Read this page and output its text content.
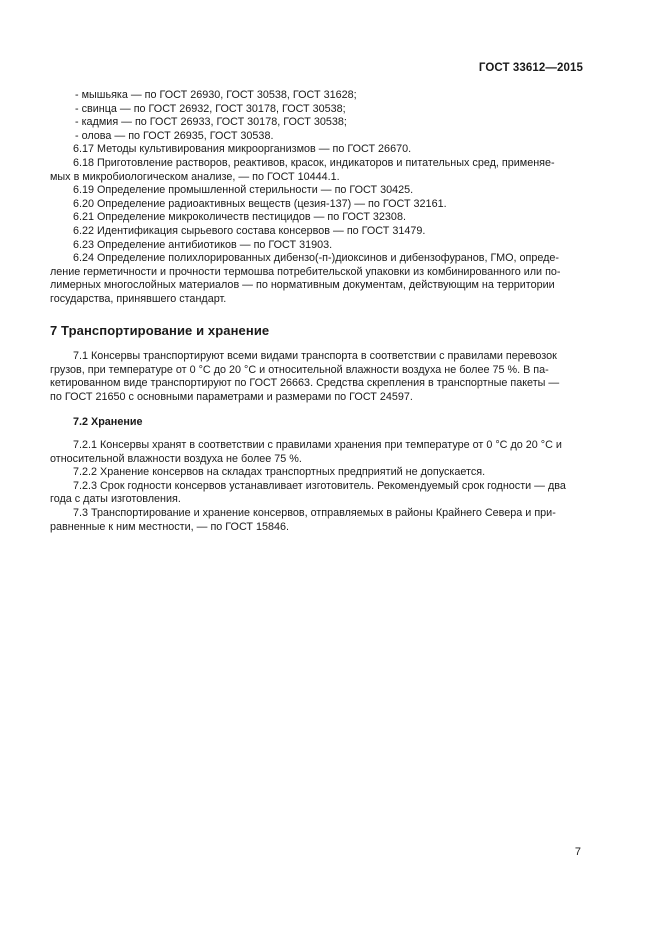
ГОСТ 33612—2015
- мышьяка — по ГОСТ 26930, ГОСТ 30538, ГОСТ 31628;
- свинца — по ГОСТ 26932, ГОСТ 30178, ГОСТ 30538;
- кадмия — по ГОСТ 26933, ГОСТ 30178, ГОСТ 30538;
- олова — по ГОСТ 26935, ГОСТ 30538.
6.17 Методы культивирования микроорганизмов — по ГОСТ 26670.
6.18 Приготовление растворов, реактивов, красок, индикаторов и питательных сред, применяе-
мых в микробиологическом анализе, — по ГОСТ 10444.1.
6.19 Определение промышленной стерильности — по ГОСТ 30425.
6.20 Определение радиоактивных веществ (цезия-137) — по ГОСТ 32161.
6.21 Определение микроколичеств пестицидов — по ГОСТ 32308.
6.22 Идентификация сырьевого состава консервов — по ГОСТ 31479.
6.23 Определение антибиотиков — по ГОСТ 31903.
6.24 Определение полихлорированных дибензо(-п-)диоксинов и дибензофуранов, ГМО, опреде-
ление герметичности и прочности термошва потребительской упаковки из комбинированного или по-
лимерных многослойных материалов — по нормативным документам, действующим на территории
государства, принявшего стандарт.
7 Транспортирование и хранение
7.1 Консервы транспортируют всеми видами транспорта в соответствии с правилами перевозок
грузов, при температуре от 0 °С до 20 °С и относительной влажности воздуха не более 75 %. В па-
кетированном виде транспортируют по ГОСТ 26663. Средства скрепления в транспортные пакеты —
по ГОСТ 21650 с основными параметрами и размерами по ГОСТ 24597.
7.2 Хранение
7.2.1 Консервы хранят в соответствии с правилами хранения при температуре от 0 °С до 20 °С и
относительной влажности воздуха не более 75 %.
7.2.2 Хранение консервов на складах транспортных предприятий не допускается.
7.2.3 Срок годности консервов устанавливает изготовитель. Рекомендуемый срок годности — два
года с даты изготовления.
7.3 Транспортирование и хранение консервов, отправляемых в районы Крайнего Севера и при-
равненные к ним местности, — по ГОСТ 15846.
7
